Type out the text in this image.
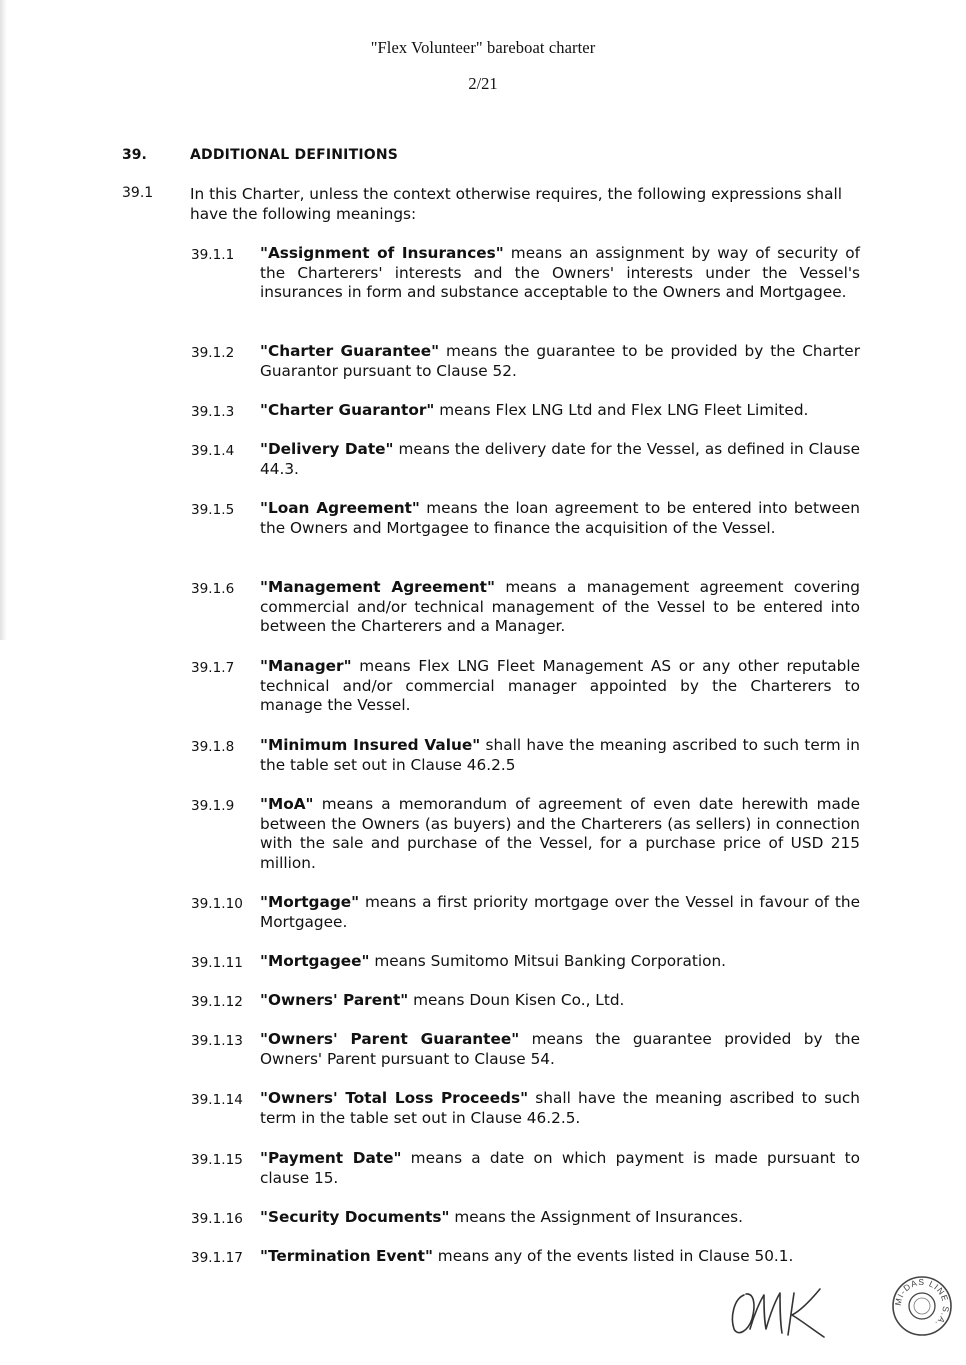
"Flex Volunteer" bareboat charter
2/21
39.	ADDITIONAL DEFINITIONS
39.1 In this Charter, unless the context otherwise requires, the following expressions shall have the following meanings:
39.1.1 "Assignment of Insurances" means an assignment by way of security of the Charterers' interests and the Owners' interests under the Vessel's insurances in form and substance acceptable to the Owners and Mortgagee.
39.1.2 "Charter Guarantee" means the guarantee to be provided by the Charter Guarantor pursuant to Clause 52.
39.1.3 "Charter Guarantor" means Flex LNG Ltd and Flex LNG Fleet Limited.
39.1.4 "Delivery Date" means the delivery date for the Vessel, as defined in Clause 44.3.
39.1.5 "Loan Agreement" means the loan agreement to be entered into between the Owners and Mortgagee to finance the acquisition of the Vessel.
39.1.6 "Management Agreement" means a management agreement covering commercial and/or technical management of the Vessel to be entered into between the Charterers and a Manager.
39.1.7 "Manager" means Flex LNG Fleet Management AS or any other reputable technical and/or commercial manager appointed by the Charterers to manage the Vessel.
39.1.8 "Minimum Insured Value" shall have the meaning ascribed to such term in the table set out in Clause 46.2.5
39.1.9 "MoA" means a memorandum of agreement of even date herewith made between the Owners (as buyers) and the Charterers (as sellers) in connection with the sale and purchase of the Vessel, for a purchase price of USD 215 million.
39.1.10 "Mortgage" means a first priority mortgage over the Vessel in favour of the Mortgagee.
39.1.11 "Mortgagee" means Sumitomo Mitsui Banking Corporation.
39.1.12 "Owners' Parent" means Doun Kisen Co., Ltd.
39.1.13 "Owners' Parent Guarantee" means the guarantee provided by the Owners' Parent pursuant to Clause 54.
39.1.14 "Owners' Total Loss Proceeds" shall have the meaning ascribed to such term in the table set out in Clause 46.2.5.
39.1.15 "Payment Date" means a date on which payment is made pursuant to clause 15.
39.1.16 "Security Documents" means the Assignment of Insurances.
39.1.17 "Termination Event" means any of the events listed in Clause 50.1.
MI-DAS LINE S.A.
